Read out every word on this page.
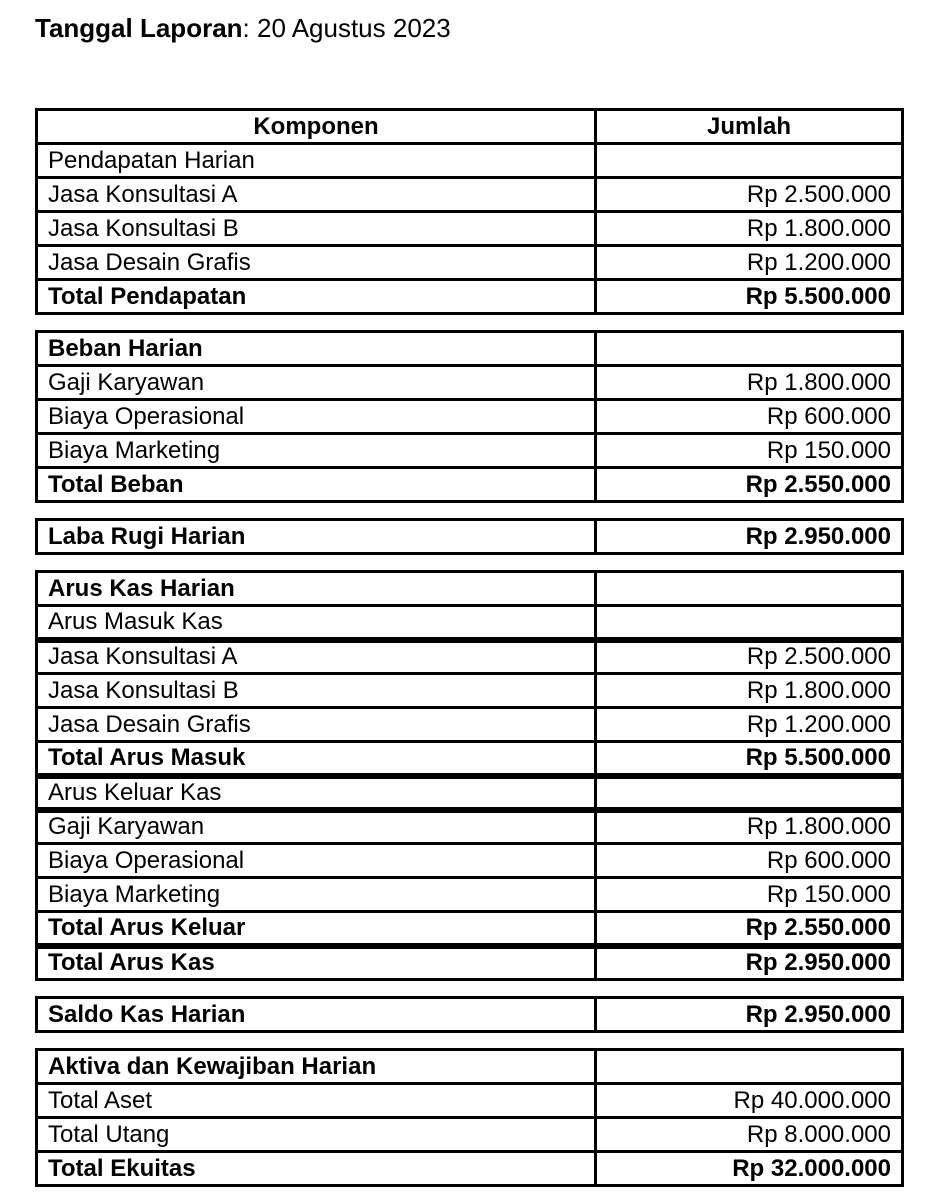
Tanggal Laporan: 20 Agustus 2023
Komponen	Jumlah
Pendapatan Harian	
Jasa Konsultasi A	Rp 2.500.000
Jasa Konsultasi B	Rp 1.800.000
Jasa Desain Grafis	Rp 1.200.000
Total Pendapatan	Rp 5.500.000
Beban Harian	
Gaji Karyawan	Rp 1.800.000
Biaya Operasional	Rp 600.000
Biaya Marketing	Rp 150.000
Total Beban	Rp 2.550.000
Laba Rugi Harian	Rp 2.950.000
Arus Kas Harian	
Arus Masuk Kas	
Jasa Konsultasi A	Rp 2.500.000
Jasa Konsultasi B	Rp 1.800.000
Jasa Desain Grafis	Rp 1.200.000
Total Arus Masuk	Rp 5.500.000
Arus Keluar Kas	
Gaji Karyawan	Rp 1.800.000
Biaya Operasional	Rp 600.000
Biaya Marketing	Rp 150.000
Total Arus Keluar	Rp 2.550.000
Total Arus Kas	Rp 2.950.000
Saldo Kas Harian	Rp 2.950.000
Aktiva dan Kewajiban Harian	
Total Aset	Rp 40.000.000
Total Utang	Rp 8.000.000
Total Ekuitas	Rp 32.000.000
